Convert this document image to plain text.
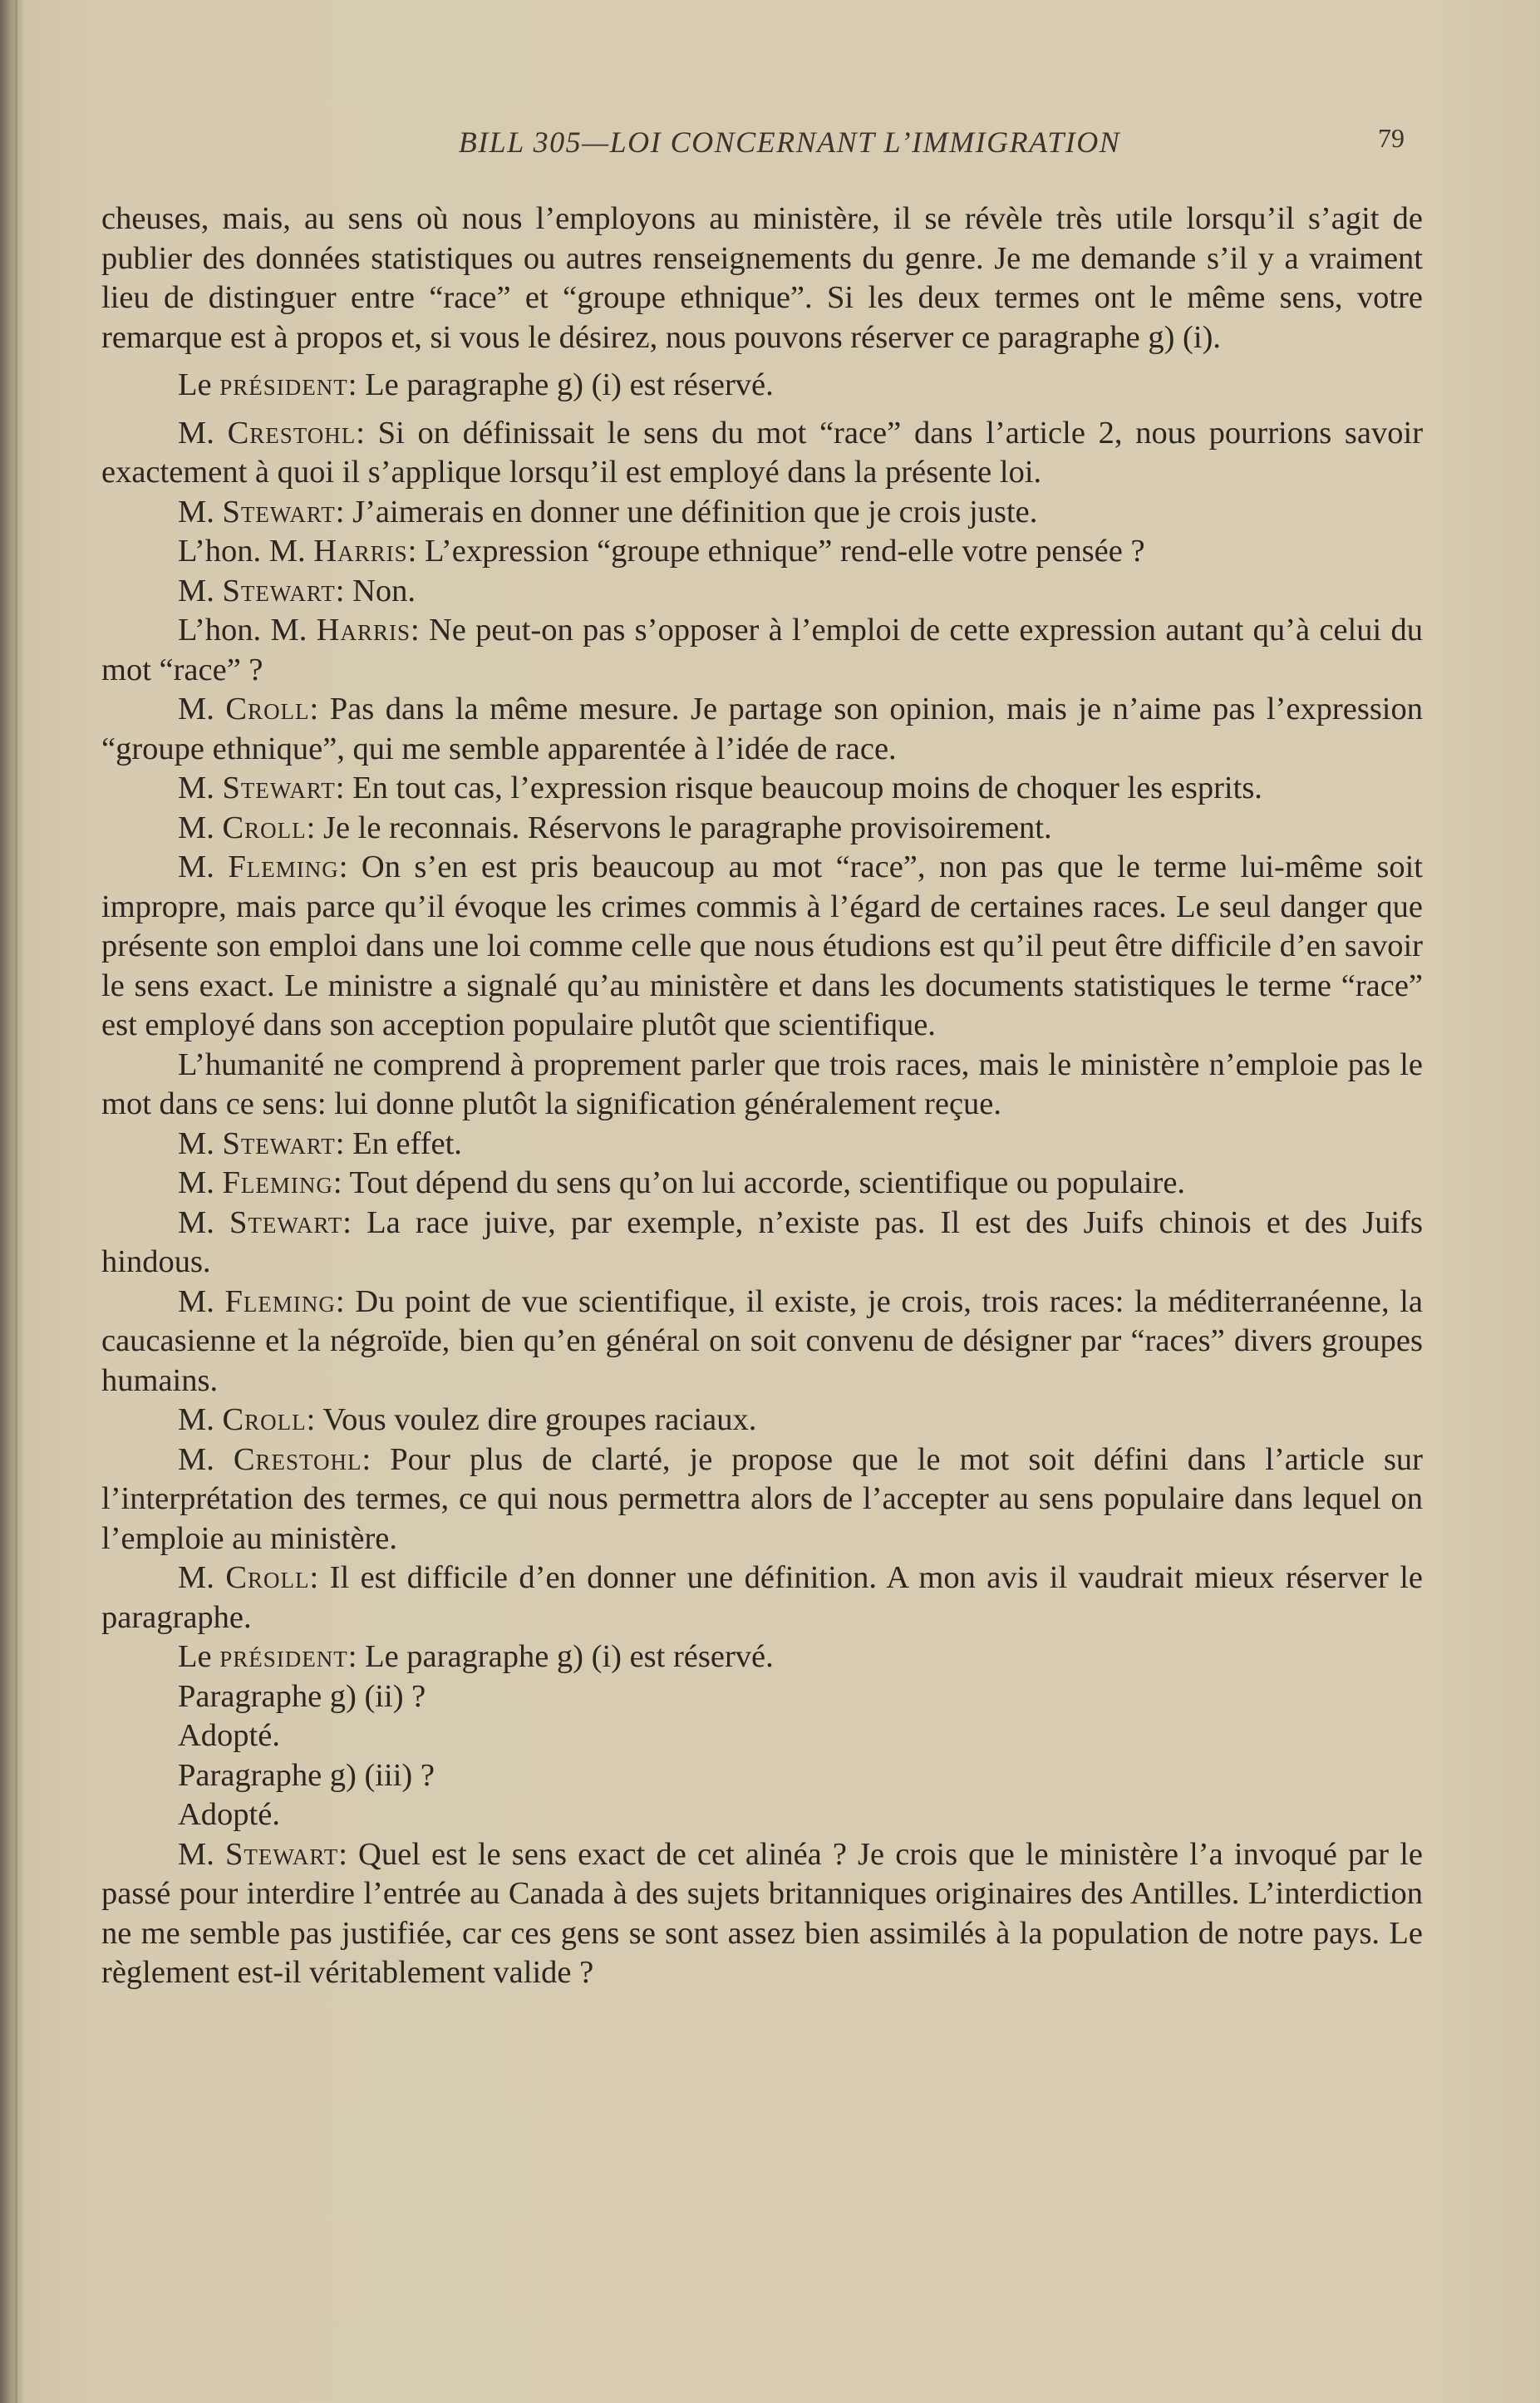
BILL 305—LOI CONCERNANT L’IMMIGRATION	79

cheuses, mais, au sens où nous l’employons au ministère, il se révèle très utile lorsqu’il s’agit de publier des données statistiques ou autres renseignements du genre. Je me demande s’il y a vraiment lieu de distinguer entre “race” et “groupe ethnique”. Si les deux termes ont le même sens, votre remarque est à propos et, si vous le désirez, nous pouvons réserver ce paragraphe g) (i).

Le président: Le paragraphe g) (i) est réservé.

M. Crestohl: Si on définissait le sens du mot “race” dans l’article 2, nous pourrions savoir exactement à quoi il s’applique lorsqu’il est employé dans la présente loi.

M. Stewart: J’aimerais en donner une définition que je crois juste.

L’hon. M. Harris: L’expression “groupe ethnique” rend-elle votre pensée ?

M. Stewart: Non.

L’hon. M. Harris: Ne peut-on pas s’opposer à l’emploi de cette expression autant qu’à celui du mot “race” ?

M. Croll: Pas dans la même mesure. Je partage son opinion, mais je n’aime pas l’expression “groupe ethnique”, qui me semble apparentée à l’idée de race.

M. Stewart: En tout cas, l’expression risque beaucoup moins de choquer les esprits.

M. Croll: Je le reconnais. Réservons le paragraphe provisoirement.

M. Fleming: On s’en est pris beaucoup au mot “race”, non pas que le terme lui-même soit impropre, mais parce qu’il évoque les crimes commis à l’égard de certaines races. Le seul danger que présente son emploi dans une loi comme celle que nous étudions est qu’il peut être difficile d’en savoir le sens exact. Le ministre a signalé qu’au ministère et dans les documents statistiques le terme “race” est employé dans son acception populaire plutôt que scientifique.

L’humanité ne comprend à proprement parler que trois races, mais le ministère n’emploie pas le mot dans ce sens: lui donne plutôt la signification généralement reçue.

M. Stewart: En effet.

M. Fleming: Tout dépend du sens qu’on lui accorde, scientifique ou populaire.

M. Stewart: La race juive, par exemple, n’existe pas. Il est des Juifs chinois et des Juifs hindous.

M. Fleming: Du point de vue scientifique, il existe, je crois, trois races: la méditerranéenne, la caucasienne et la négroïde, bien qu’en général on soit convenu de désigner par “races” divers groupes humains.

M. Croll: Vous voulez dire groupes raciaux.

M. Crestohl: Pour plus de clarté, je propose que le mot soit défini dans l’article sur l’interprétation des termes, ce qui nous permettra alors de l’accepter au sens populaire dans lequel on l’emploie au ministère.

M. Croll: Il est difficile d’en donner une définition. A mon avis il vaudrait mieux réserver le paragraphe.

Le président: Le paragraphe g) (i) est réservé.

Paragraphe g) (ii) ?

Adopté.

Paragraphe g) (iii) ?

Adopté.

M. Stewart: Quel est le sens exact de cet alinéa ? Je crois que le ministère l’a invoqué par le passé pour interdire l’entrée au Canada à des sujets britanniques originaires des Antilles. L’interdiction ne me semble pas justifiée, car ces gens se sont assez bien assimilés à la population de notre pays. Le règlement est-il véritablement valide ?
